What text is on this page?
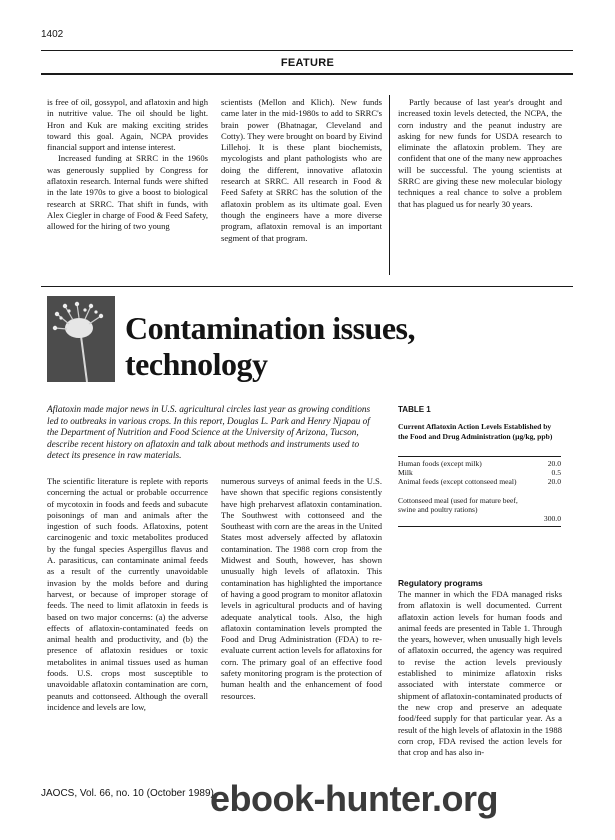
1402
FEATURE

is free of oil, gossypol, and aflatoxin and high in nutritive value. The oil should be light. Hron and Kuk are making exciting strides toward this goal. Again, NCPA provides financial support and intense interest.

Increased funding at SRRC in the 1960s was generously supplied by Congress for aflatoxin research. Internal funds were shifted in the late 1970s to give a boost to biological research at SRRC. That shift in funds, with Alex Ciegler in charge of Food & Feed Safety, allowed for the hiring of two young

scientists (Mellon and Klich). New funds came later in the mid-1980s to add to SRRC's brain power (Bhatnagar, Cleveland and Cotty). They were brought on board by Eivind Lillehoj. It is these plant biochemists, mycologists and plant pathologists who are doing the different, innovative aflatoxin research at SRRC. All research in Food & Feed Safety at SRRC has the solution of the aflatoxin problem as its ultimate goal. Even though the engineers have a more diverse program, aflatoxin removal is an important segment of that program.

Partly because of last year's drought and increased toxin levels detected, the NCPA, the corn industry and the peanut industry are asking for new funds for USDA research to eliminate the aflatoxin problem. They are confident that one of the many new approaches will be successful. The young scientists at SRRC are giving these new molecular biology techniques a real chance to solve a problem that has plagued us for nearly 30 years.

Contamination issues,
technology
Aflatoxin made major news in U.S. agricultural circles last year as growing conditions led to outbreaks in various crops. In this report, Douglas L. Park and Henry Njapau of the Department of Nutrition and Food Science at the University of Arizona, Tucson, describe recent history on aflatoxin and talk about methods and instruments used to detect its presence in raw materials.

The scientific literature is replete with reports concerning the actual or probable occurrence of mycotoxin in foods and feeds and subacute poisonings of man and animals after the ingestion of such foods. Aflatoxins, potent carcinogenic and toxic metabolites produced by the fungal species Aspergillus flavus and A. parasiticus, can contaminate animal feeds as a result of the currently unavoidable invasion by the molds before and during harvest, or because of improper storage of feeds. The need to limit aflatoxin in feeds is based on two major concerns: (a) the adverse effects of aflatoxin-contaminated feeds on animal health and productivity, and (b) the presence of aflatoxin residues or toxic metabolites in animal tissues used as human foods. U.S. crops most susceptible to unavoidable aflatoxin contamination are corn, peanuts and cottonseed. Although the overall incidence and levels are low,

numerous surveys of animal feeds in the U.S. have shown that specific regions consistently have high preharvest aflatoxin contamination. The Southwest with cottonseed and the Southeast with corn are the areas in the United States most adversely affected by aflatoxin contamination. The 1988 corn crop from the Midwest and South, however, has shown unusually high levels of aflatoxin. This contamination has highlighted the importance of having a good program to monitor aflatoxin levels in agricultural products and of having adequate analytical tools. Also, the high aflatoxin contamination levels prompted the Food and Drug Administration (FDA) to re-evaluate current action levels for aflatoxins for corn. The primary goal of an effective food safety monitoring program is the protection of human health and the enhancement of food resources.

TABLE 1
Current Aflatoxin Action Levels Established by the Food and Drug Administration (µg/kg, ppb)
Human foods (except milk)	20.0
Milk	0.5
Animal feeds (except cottonseed meal)	20.0
Cottonseed meal (used for mature beef, swine and poultry rations)
300.0
Regulatory programs

The manner in which the FDA managed risks from aflatoxin is well documented. Current aflatoxin action levels for human foods and animal feeds are presented in Table 1. Through the years, however, when unusually high levels of aflatoxin occurred, the agency was required to revise the action levels previously established to minimize aflatoxin risks associated with interstate commerce or shipment of aflatoxin-contaminated products of the new crop and preserve an adequate food/feed supply for that particular year. As a result of the high levels of aflatoxin in the 1988 corn crop, FDA revised the action levels for that crop and has also in-

JAOCS, Vol. 66, no. 10 (October 1989)
ebook-hunter.org
